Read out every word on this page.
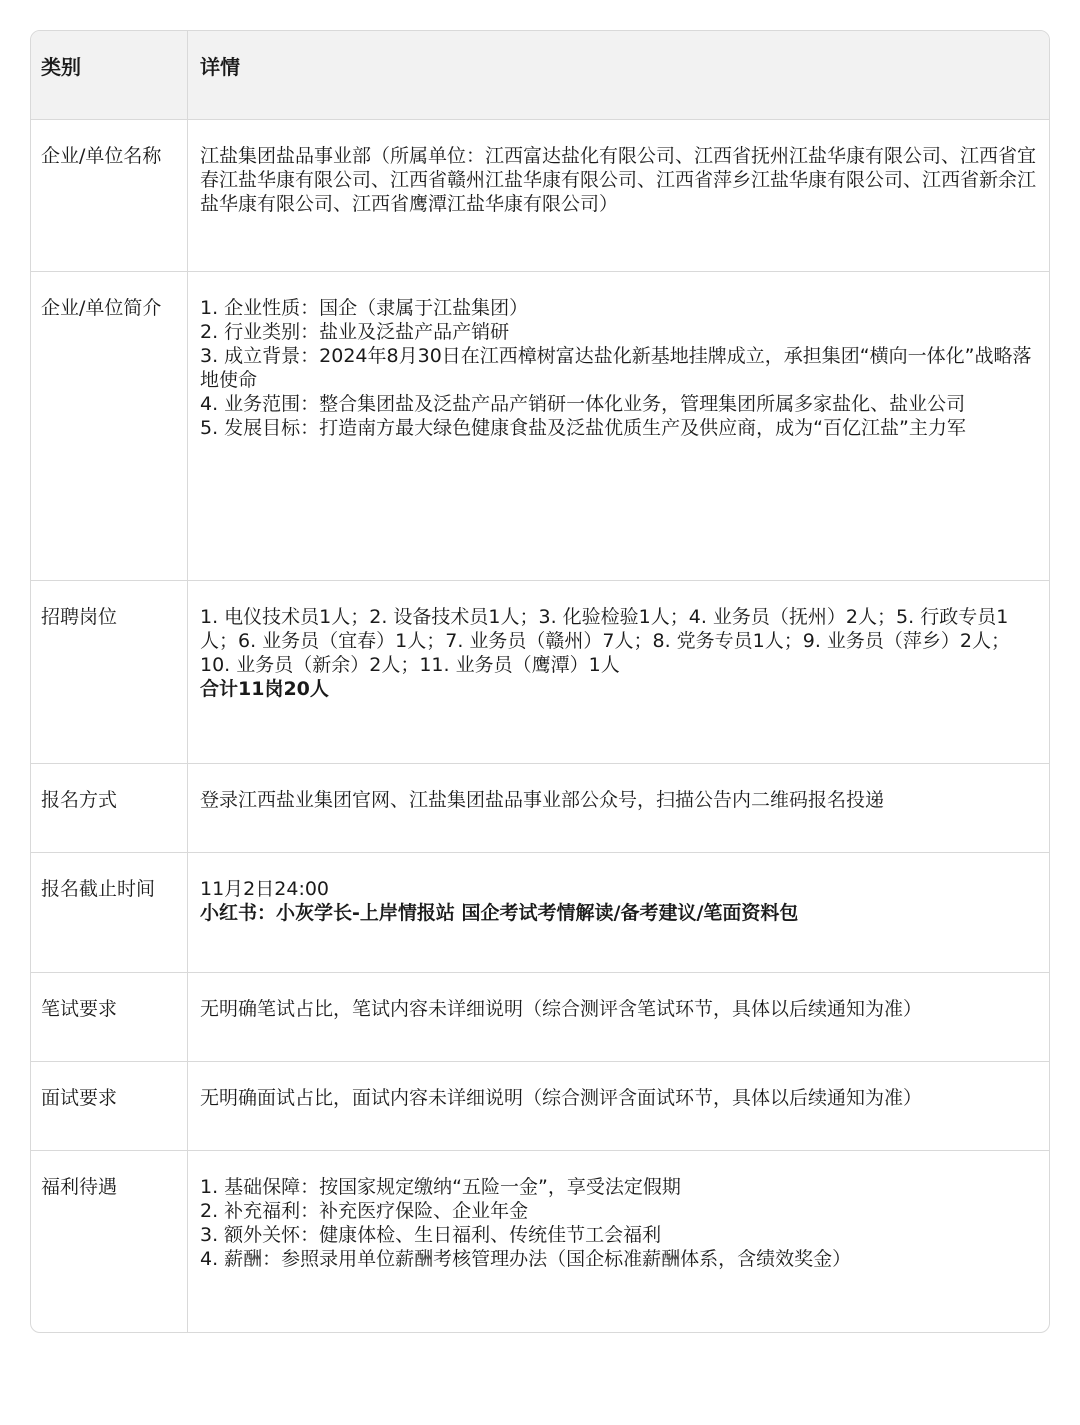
类别	详情
企业/单位名称	江盐集团盐品事业部（所属单位：江西富达盐化有限公司、江西省抚州江盐华康有限公司、江西省宜春江盐华康有限公司、江西省赣州江盐华康有限公司、江西省萍乡江盐华康有限公司、江西省新余江盐华康有限公司、江西省鹰潭江盐华康有限公司）
企业/单位简介	1. 企业性质：国企（隶属于江盐集团）
2. 行业类别：盐业及泛盐产品产销研
3. 成立背景：2024年8月30日在江西樟树富达盐化新基地挂牌成立，承担集团“横向一体化”战略落地使命
4. 业务范围：整合集团盐及泛盐产品产销研一体化业务，管理集团所属多家盐化、盐业公司
5. 发展目标：打造南方最大绿色健康食盐及泛盐优质生产及供应商，成为“百亿江盐”主力军
招聘岗位	1. 电仪技术员1人；2. 设备技术员1人；3. 化验检验1人；4. 业务员（抚州）2人；5. 行政专员1人；6. 业务员（宜春）1人；7. 业务员（赣州）7人；8. 党务专员1人；9. 业务员（萍乡）2人；10. 业务员（新余）2人；11. 业务员（鹰潭）1人
合计11岗20人
报名方式	登录江西盐业集团官网、江盐集团盐品事业部公众号，扫描公告内二维码报名投递
报名截止时间	11月2日24:00
小红书：小灰学长-上岸情报站 国企考试考情解读/备考建议/笔面资料包
笔试要求	无明确笔试占比，笔试内容未详细说明（综合测评含笔试环节，具体以后续通知为准）
面试要求	无明确面试占比，面试内容未详细说明（综合测评含面试环节，具体以后续通知为准）
福利待遇	1. 基础保障：按国家规定缴纳“五险一金”，享受法定假期
2. 补充福利：补充医疗保险、企业年金
3. 额外关怀：健康体检、生日福利、传统佳节工会福利
4. 薪酬：参照录用单位薪酬考核管理办法（国企标准薪酬体系，含绩效奖金）
